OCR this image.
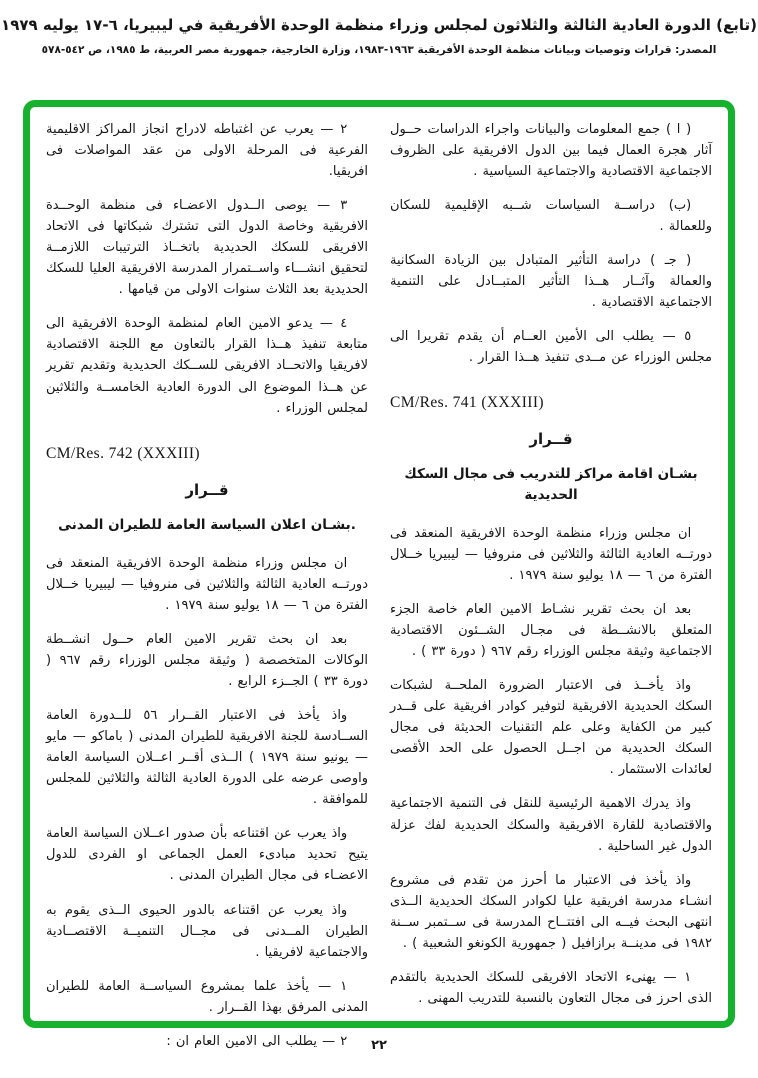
(تابع) الدورة العادية الثالثة والثلاثون لمجلس وزراء منظمة الوحدة الأفريقية في ليبيريا، ٦-١٧ يوليه ١٩٧٩
المصدر: قرارات وتوصيات وبيانات منظمة الوحدة الأفريقية ١٩٦٣-١٩٨٣، وزارة الخارجية، جمهورية مصر العربية، ط ١٩٨٥، ص ٥٤٢-٥٧٨
( ا ) جمع المعلومات والبيانات واجراء الدراسات حــول آثار هجرة العمال فيما بين الدول الافريقية على الظروف الاجتماعية الاقتصادية والاجتماعية السياسية .
(ب) دراســة السياسات شــبه الإقليمية للسكان وللعمالة .
( جـ ) دراسة التأثير المتبادل بين الزيادة السكانية والعمالة وآثــار هــذا التأثير المتبــادل على التنمية الاجتماعية الاقتصادية .
٥ — يطلب الى الأمين العــام أن يقدم تقريرا الى مجلس الوزراء عن مــدى تنفيذ هــذا القرار .
CM/Res. 741 (XXXIII)
قــرار
بشـان اقامة مراكز للتدريب فى مجال السكك الحديدية
ان مجلس وزراء منظمة الوحدة الافريقية المنعقد فى دورتــه العادية الثالثة والثلاثين فى منروفيا — ليبيريا خــلال الفترة من ٦ — ١٨ يوليو سنة ١٩٧٩ .
بعد ان بحث تقرير نشـاط الامين العام خاصة الجزء المتعلق بالانشــطة فى مجـال الشــئون الاقتصادية الاجتماعية وثيقة مجلس الوزراء رقم ٩٦٧ ( دورة ٣٣ ) .
واذ يأخــذ فى الاعتبار الضرورة الملحــة لشبكات السكك الحديدية الافريقية لتوفير كوادر افريقية على قــدر كبير من الكفاية وعلى علم التقنيات الحديثة فى مجال السكك الحديدية من اجــل الحصول على الحد الأقصى لعائدات الاستثمار .
واذ يدرك الاهمية الرئيسية للنقل فى التنمية الاجتماعية والاقتصادية للقارة الافريقية والسكك الحديدية لفك عزلة الدول غير الساحلية .
واذ يأخذ فى الاعتبار ما أحرز من تقدم فى مشروع انشـاء مدرسة افريقية عليا لكوادر السكك الحديدية الــذى انتهى البحث فيــه الى افتتــاح المدرسة فى ســتمبر ســنة ١٩٨٢ فى مدينــة برازافيل ( جمهورية الكونغو الشعبية ) .
١ — يهنىء الاتحاد الافريقى للسكك الحديدية بالتقدم الذى احرز فى مجال التعاون بالنسبة للتدريب المهنى .
٢ — يعرب عن اغتباطه لادراج انجاز المراكز الاقليمية الفرعية فى المرحلة الاولى من عقد المواصلات فى افريقيا.
٣ — يوصى الــدول الاعضـاء فى منظمة الوحــدة الافريقية وخاصة الدول التى تشترك شبكاتها فى الاتحاد الافريقى للسكك الحديدية باتخــاذ الترتيبات اللازمــة لتحقيق انشـــاء واســتمرار المدرسة الافريقية العليا للسكك الحديدية بعد الثلاث سنوات الاولى من قيامها .
٤ — يدعو الامين العام لمنظمة الوحدة الافريقية الى متابعة تنفيذ هــذا القرار بالتعاون مع اللجنة الاقتصادية لافريقيا والاتحــاد الافريقى للســكك الحديدية وتقديم تقرير عن هــذا الموضوع الى الدورة العادية الخامســة والثلاثين لمجلس الوزراء .
CM/Res. 742 (XXXIII)
قــرار
.بشـان اعلان السياسة العامة للطيران المدنى
ان مجلس وزراء منظمة الوحدة الافريقية المنعقد فى دورتــه العادية الثالثة والثلاثين فى منروفيا — ليبيريا خــلال الفترة من ٦ — ١٨ يوليو سنة ١٩٧٩ .
بعد ان بحث تقرير الامين العام حــول انشــطة الوكالات المتخصصة ( وثيقة مجلس الوزراء رقم ٩٦٧ ( دورة ٣٣ ) الجــزء الرابع .
واذ يأخذ فى الاعتبار القــرار ٥٦ للــدورة العامة الســادسة للجنة الافريقية للطيران المدنى ( باماكو — مايو — يونيو سنة ١٩٧٩ ) الــذى أقــر اعــلان السياسة العامة واوصى عرضه على الدورة العادية الثالثة والثلاثين للمجلس للموافقة .
واذ يعرب عن اقتناعه بأن صدور اعــلان السياسة العامة يتيح تحديد مبادىء العمل الجماعى او الفردى للدول الاعضـاء فى مجال الطيران المدنى .
واذ يعرب عن اقتناعه بالدور الحيوى الــذى يقوم به الطيران المــدنى فى مجــال التنميــة الاقتصــادية والاجتماعية لافريقيا .
١ — يأخذ علما بمشروع السياســة العامة للطيران المدنى المرفق بهذا القــرار .
٢ — يطلب الى الامين العام ان :	٢٢
